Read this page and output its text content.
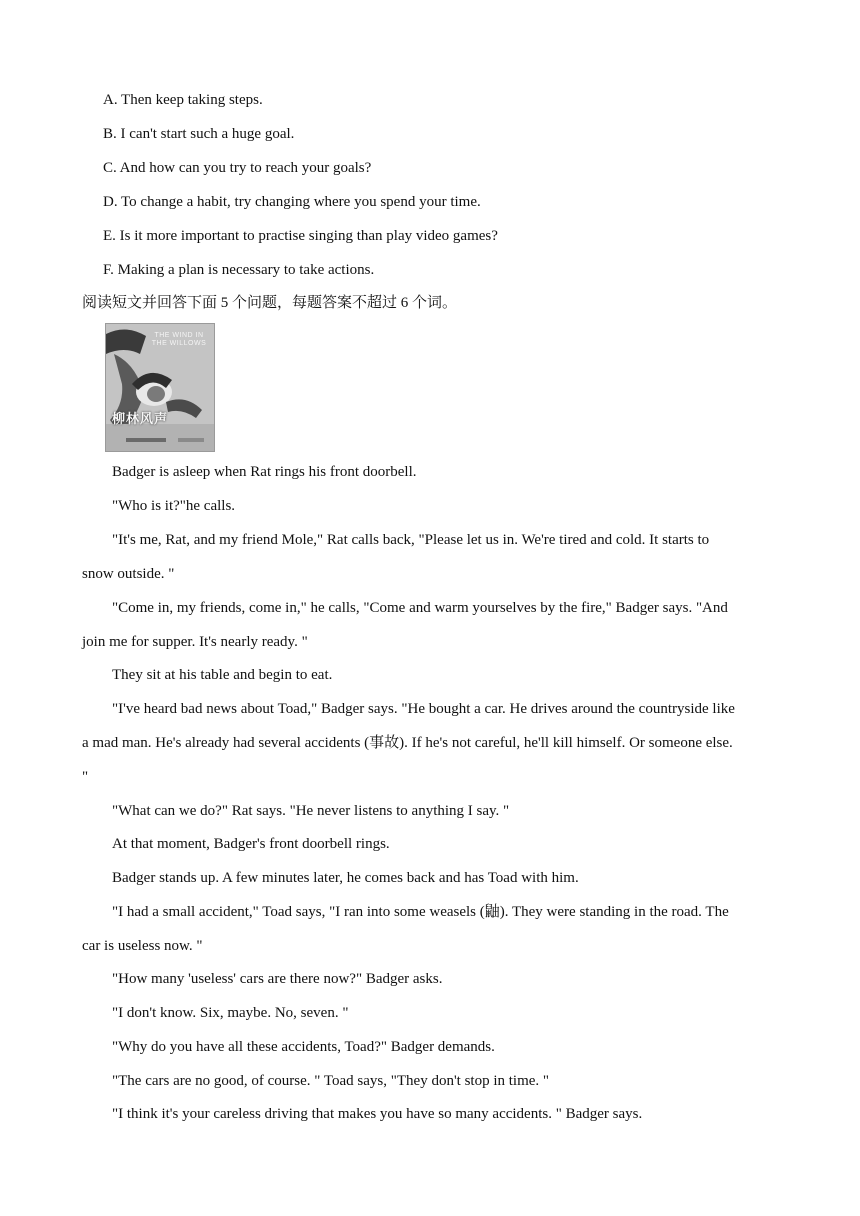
A. Then keep taking steps.
B. I can't start such a huge goal.
C. And how can you try to reach your goals?
D. To change a habit, try changing where you spend your time.
E. Is it more important to practise singing than play video games?
F. Making a plan is necessary to take actions.
阅读短文并回答下面 5 个问题，每题答案不超过 6 个词。
THE WIND IN THE WILLOWS
柳林风声
Badger is asleep when Rat rings his front doorbell.
"Who is it?"he calls.
"It's me, Rat, and my friend Mole," Rat calls back, "Please let us in. We're tired and cold. It starts to
snow outside. "
"Come in, my friends, come in," he calls, "Come and warm yourselves by the fire," Badger says. "And
join me for supper. It's nearly ready. "
They sit at his table and begin to eat.
"I've heard bad news about Toad," Badger says. "He bought a car. He drives around the countryside like
a mad man. He's already had several accidents (事故). If he's not careful, he'll kill himself. Or someone else.
"
"What can we do?" Rat says. "He never listens to anything I say. "
At that moment, Badger's front doorbell rings.
Badger stands up. A few minutes later, he comes back and has Toad with him.
"I had a small accident," Toad says, "I ran into some weasels (鼬). They were standing in the road. The
car is useless now. "
"How many 'useless' cars are there now?" Badger asks.
"I don't know. Six, maybe. No, seven. "
"Why do you have all these accidents, Toad?" Badger demands.
"The cars are no good, of course. " Toad says, "They don't stop in time. "
"I think it's your careless driving that makes you have so many accidents. " Badger says.
